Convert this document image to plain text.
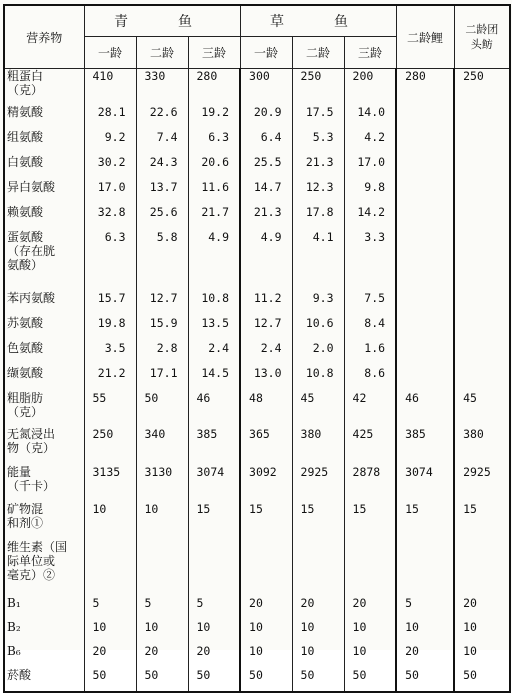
营养物	青　鱼			草　鱼			二龄鲤	二龄团
头鲂

	一龄	二龄	三龄	一龄	二龄	三龄		

粗蛋白
（克）	410	330	280	300	250	200	280	250

精氨酸	28.1	22.6	19.2	20.9	17.5	14.0		

组氨酸	9.2	7.4	6.3	6.4	5.3	4.2		

白氨酸	30.2	24.3	20.6	25.5	21.3	17.0		

异白氨酸	17.0	13.7	11.6	14.7	12.3	9.8		

赖氨酸	32.8	25.6	21.7	21.3	17.8	14.2		

蛋氨酸
（存在胱
氨酸）	6.3	5.8	4.9	4.9	4.1	3.3		

苯丙氨酸	15.7	12.7	10.8	11.2	9.3	7.5		

苏氨酸	19.8	15.9	13.5	12.7	10.6	8.4		

色氨酸	3.5	2.8	2.4	2.4	2.0	1.6		

缬氨酸	21.2	17.1	14.5	13.0	10.8	8.6		

粗脂肪
（克）	55	50	46	48	45	42	46	45

无氮浸出
物（克）	250	340	385	365	380	425	385	380

能量
（千卡）	3135	3130	3074	3092	2925	2878	3074	2925

矿物混
和剂①	10	10	15	15	15	15	15	15

维生素（国
际单位或
毫克）②								

B₁	5	5	5	20	20	20	5	20

B₂	10	10	10	10	10	10	10	10

B₆	20	20	20	10	10	10	20	10

菸酸	50	50	50	50	50	50	50	50
